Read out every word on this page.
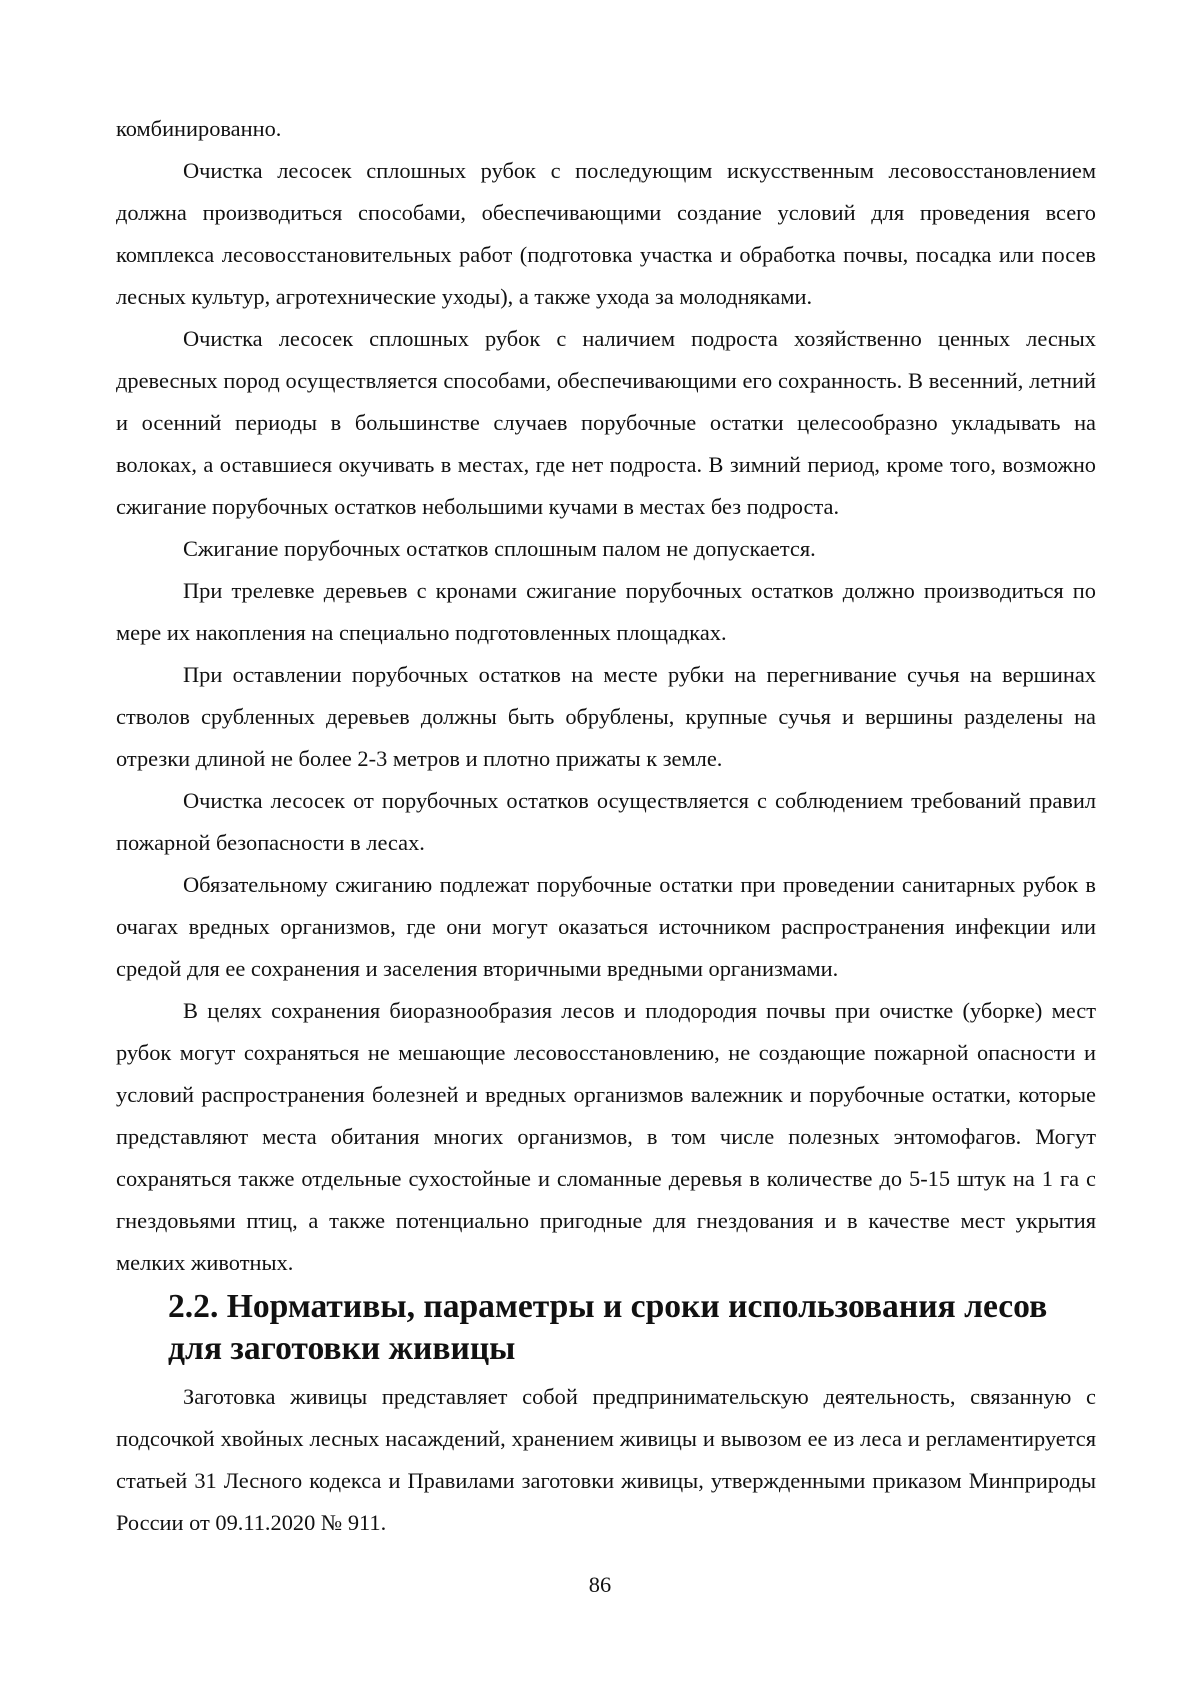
комбинированно.

Очистка лесосек сплошных рубок с последующим искусственным лесовосстановлением должна производиться способами, обеспечивающими создание условий для проведения всего комплекса лесовосстановительных работ (подготовка участка и обработка почвы, посадка или посев лесных культур, агротехнические уходы), а также ухода за молодняками.

Очистка лесосек сплошных рубок с наличием подроста хозяйственно ценных лесных древесных пород осуществляется способами, обеспечивающими его сохранность. В весенний, летний и осенний периоды в большинстве случаев порубочные остатки целесообразно укладывать на волоках, а оставшиеся окучивать в местах, где нет подроста. В зимний период, кроме того, возможно сжигание порубочных остатков небольшими кучами в местах без подроста.

Сжигание порубочных остатков сплошным палом не допускается.

При трелевке деревьев с кронами сжигание порубочных остатков должно производиться по мере их накопления на специально подготовленных площадках.

При оставлении порубочных остатков на месте рубки на перегнивание сучья на вершинах стволов срубленных деревьев должны быть обрублены, крупные сучья и вершины разделены на отрезки длиной не более 2-3 метров и плотно прижаты к земле.

Очистка лесосек от порубочных остатков осуществляется с соблюдением требований правил пожарной безопасности в лесах.

Обязательному сжиганию подлежат порубочные остатки при проведении санитарных рубок в очагах вредных организмов, где они могут оказаться источником распространения инфекции или средой для ее сохранения и заселения вторичными вредными организмами.

В целях сохранения биоразнообразия лесов и плодородия почвы при очистке (уборке) мест рубок могут сохраняться не мешающие лесовосстановлению, не создающие пожарной опасности и условий распространения болезней и вредных организмов валежник и порубочные остатки, которые представляют места обитания многих организмов, в том числе полезных энтомофагов. Могут сохраняться также отдельные сухостойные и сломанные деревья в количестве до 5-15 штук на 1 га с гнездовьями птиц, а также потенциально пригодные для гнездования и в качестве мест укрытия мелких животных.

2.2. Нормативы, параметры и сроки использования лесов для заготовки живицы

Заготовка живицы представляет собой предпринимательскую деятельность, связанную с подсочкой хвойных лесных насаждений, хранением живицы и вывозом ее из леса и регламентируется статьей 31 Лесного кодекса и Правилами заготовки живицы, утвержденными приказом Минприроды России от 09.11.2020 № 911.

86
